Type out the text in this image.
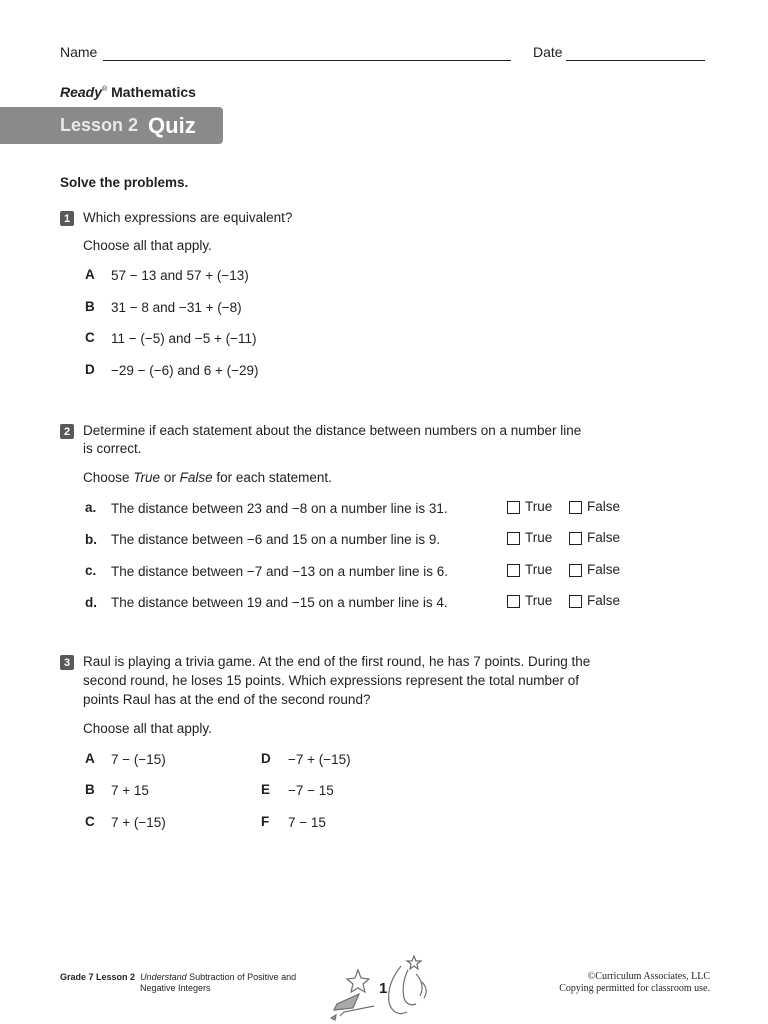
Name	Date
Ready® Mathematics
Lesson 2 Quiz
Solve the problems.
1 Which expressions are equivalent?
Choose all that apply.
A 57 − 13 and 57 + (−13)
B 31 − 8 and −31 + (−8)
C 11 − (−5) and −5 + (−11)
D −29 − (−6) and 6 + (−29)
2 Determine if each statement about the distance between numbers on a number line
is correct.
Choose True or False for each statement.
a. The distance between 23 and −8 on a number line is 31.	True	False
b. The distance between −6 and 15 on a number line is 9.	True	False
c. The distance between −7 and −13 on a number line is 6.	True	False
d. The distance between 19 and −15 on a number line is 4.	True	False
3 Raul is playing a trivia game. At the end of the first round, he has 7 points. During the
second round, he loses 15 points. Which expressions represent the total number of
points Raul has at the end of the second round?
Choose all that apply.
A 7 − (−15)
B 7 + 15
C 7 + (−15)
D −7 + (−15)
E −7 − 15
F 7 − 15
Grade 7 Lesson 2 Understand Subtraction of Positive and
Negative Integers	1
©Curriculum Associates, LLC
Copying permitted for classroom use.
